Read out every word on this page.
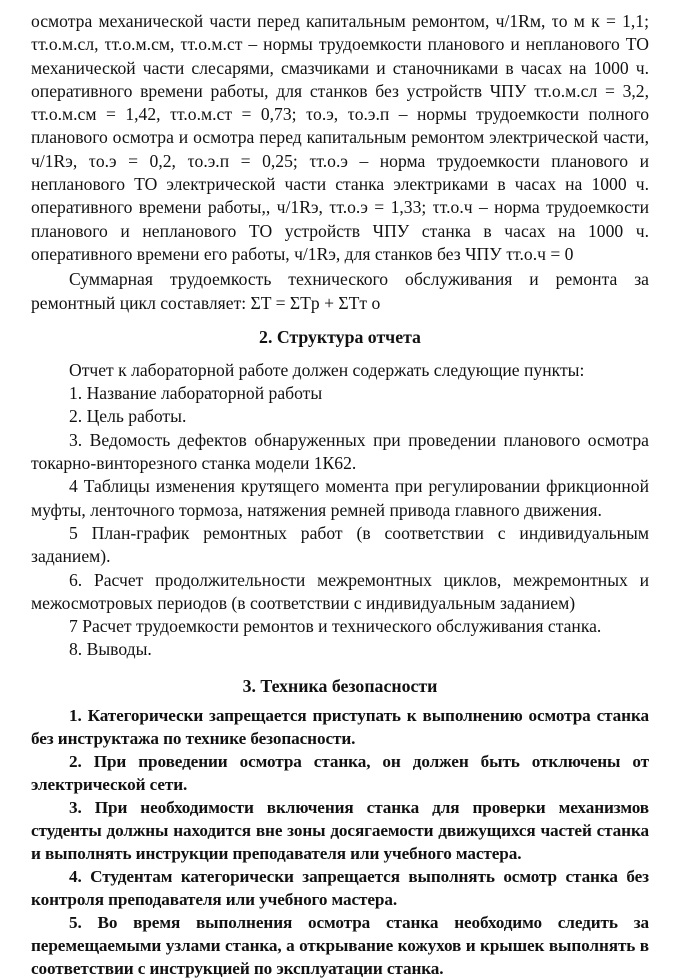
осмотра механической части перед капитальным ремонтом, ч/1Rм, τо м к = 1,1; τт.о.м.сл, τт.о.м.см, τт.о.м.ст – нормы трудоемкости планового и непланового ТО механической части слесарями, смазчиками и станочниками в часах на 1000 ч. оперативного времени работы, для станков без устройств ЧПУ τт.о.м.сл = 3,2, τт.о.м.см = 1,42, τт.о.м.ст = 0,73; τо.э, τо.э.п – нормы трудоемкости полного планового осмотра и осмотра перед капитальным ремонтом электрической части, ч/1Rэ, τо.э = 0,2, τо.э.п = 0,25; τт.о.э – норма трудоемкости планового и непланового ТО электрической части станка электриками в часах на 1000 ч. оперативного времени работы,, ч/1Rэ, τт.о.э = 1,33; τт.о.ч – норма трудоемкости планового и непланового ТО устройств ЧПУ станка в часах на 1000 ч. оперативного времени его работы, ч/1Rэ, для станков без ЧПУ τт.о.ч = 0

Суммарная трудоемкость технического обслуживания и ремонта за ремонтный цикл составляет: ΣT = ΣTр + ΣTт о

2. Структура отчета

Отчет к лабораторной работе должен содержать следующие пункты:

1. Название лабораторной работы

2. Цель работы.

3. Ведомость дефектов обнаруженных при проведении планового осмотра токарно-винторезного станка модели 1К62.

4 Таблицы изменения крутящего момента при регулировании фрикционной муфты, ленточного тормоза, натяжения ремней привода главного движения.

5 План-график ремонтных работ (в соответствии с индивидуальным заданием).

6. Расчет продолжительности межремонтных циклов, межремонтных и межосмотровых периодов (в соответствии с индивидуальным заданием)

7 Расчет трудоемкости ремонтов и технического обслуживания станка.

8. Выводы.

3. Техника безопасности

1. Категорически запрещается приступать к выполнению осмотра станка без инструктажа по технике безопасности.

2. При проведении осмотра станка, он должен быть отключены от электрической сети.

3. При необходимости включения станка для проверки механизмов студенты должны находится вне зоны досягаемости движущихся частей станка и выполнять инструкции преподавателя или учебного мастера.

4. Студентам категорически запрещается выполнять осмотр станка без контроля преподавателя или учебного мастера.

5. Во время выполнения осмотра станка необходимо следить за перемещаемыми узлами станка, а открывание кожухов и крышек выполнять в соответствии с инструкцией по эксплуатации станка.
